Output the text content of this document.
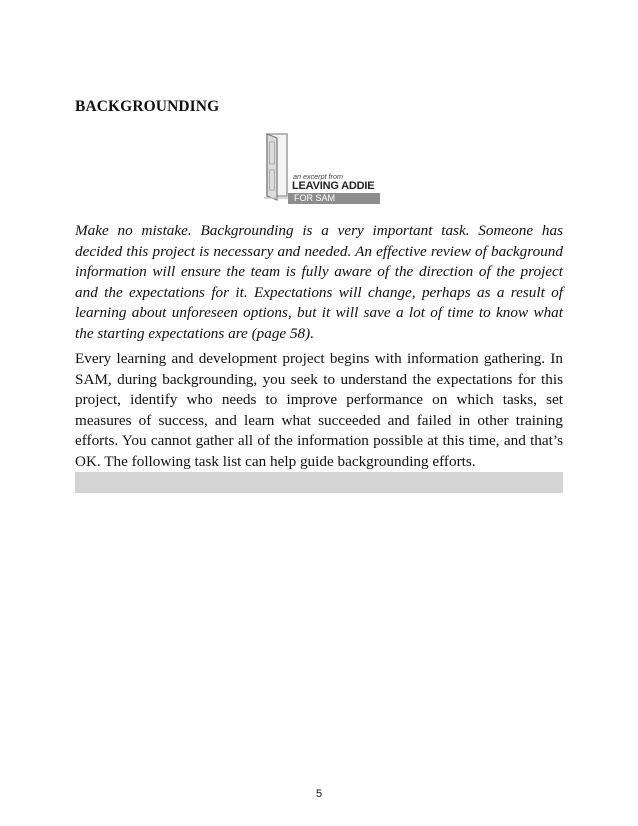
BACKGROUNDING
an excerpt from
LEAVING ADDIE
FOR SAM

Make no mistake. Backgrounding is a very important task. Someone has decided this project is necessary and needed. An effective review of background information will ensure the team is fully aware of the direction of the project and the expectations for it. Expectations will change, perhaps as a result of learning about unforeseen options, but it will save a lot of time to know what the starting expectations are (page 58).

Every learning and development project begins with information gathering. In SAM, during backgrounding, you seek to understand the expectations for this project, identify who needs to improve performance on which tasks, set measures of success, and learn what succeeded and failed in other training efforts. You cannot gather all of the information possible at this time, and that’s OK. The following task list can help guide backgrounding efforts.

5
